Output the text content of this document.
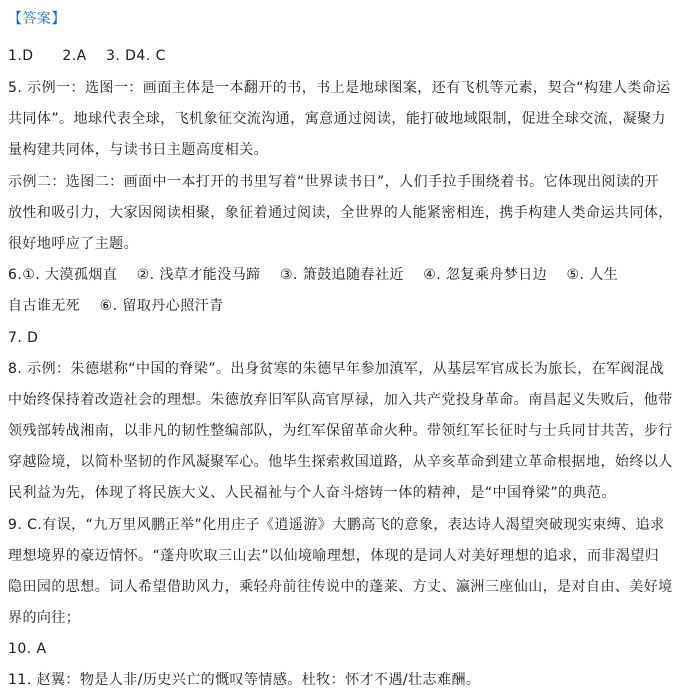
【答案】
1.D　　2.A　 3. D4. C
5. 示例一：选图一：画面主体是一本翻开的书，书上是地球图案，还有飞机等元素，契合“构建人类命运
共同体”。地球代表全球，飞机象征交流沟通，寓意通过阅读，能打破地域限制，促进全球交流，凝聚力
量构建共同体，与读书日主题高度相关。
示例二：选图二：画面中一本打开的书里写着“世界读书日”，人们手拉手围绕着书。它体现出阅读的开
放性和吸引力，大家因阅读相聚，象征着通过阅读，全世界的人能紧密相连，携手构建人类命运共同体，
很好地呼应了主题。
6.①. 大漠孤烟直　 ②. 浅草才能没马蹄　 ③. 箫鼓追随春社近　 ④. 忽复乘舟梦日边　 ⑤. 人生
自古谁无死　 ⑥. 留取丹心照汗青
7. D
8. 示例：朱德堪称“中国的脊梁”。出身贫寒的朱德早年参加滇军，从基层军官成长为旅长，在军阀混战
中始终保持着改造社会的理想。朱德放弃旧军队高官厚禄，加入共产党投身革命。南昌起义失败后，他带
领残部转战湘南，以非凡的韧性整编部队，为红军保留革命火种。带领红军长征时与士兵同甘共苦，步行
穿越险境，以简朴坚韧的作风凝聚军心。他毕生探索救国道路，从辛亥革命到建立革命根据地，始终以人
民利益为先，体现了将民族大义、人民福祉与个人奋斗熔铸一体的精神，是“中国脊梁”的典范。
9. C.有误，“九万里风鹏正举”化用庄子《逍遥游》大鹏高飞的意象，表达诗人渴望突破现实束缚、追求
理想境界的豪迈情怀。“蓬舟吹取三山去”以仙境喻理想，体现的是词人对美好理想的追求，而非渴望归
隐田园的思想。词人希望借助风力，乘轻舟前往传说中的蓬莱、方丈、瀛洲三座仙山，是对自由、美好境
界的向往；
10. A
11. 赵翼：物是人非/历史兴亡的慨叹等情感。杜牧：怀才不遇/壮志难酬。
